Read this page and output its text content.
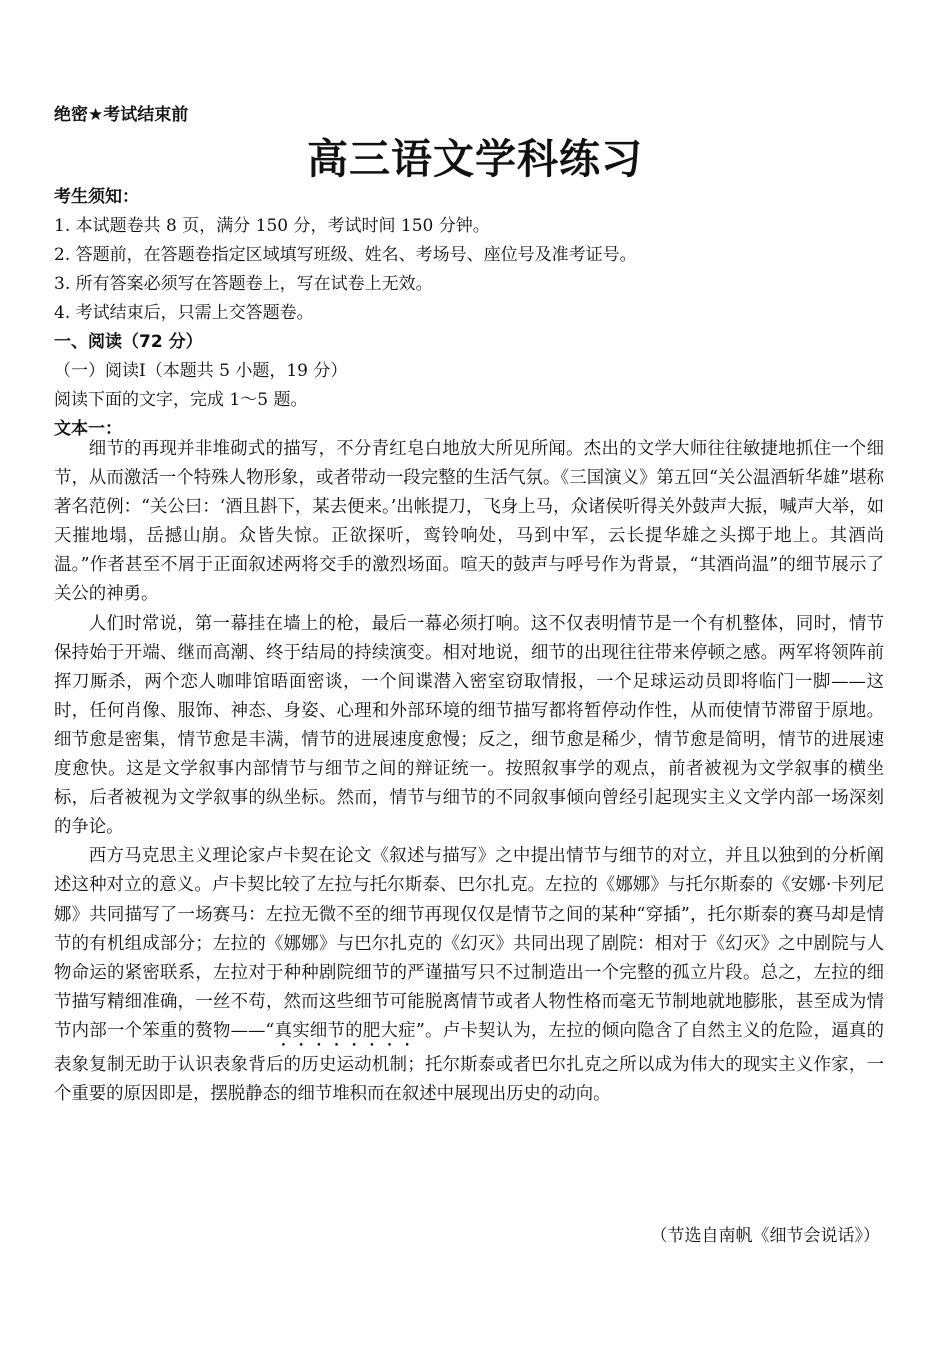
绝密★考试结束前
高三语文学科练习
考生须知：
1. 本试题卷共 8 页，满分 150 分，考试时间 150 分钟。
2. 答题前，在答题卷指定区域填写班级、姓名、考场号、座位号及准考证号。
3. 所有答案必须写在答题卷上，写在试卷上无效。
4. 考试结束后，只需上交答题卷。
一、阅读（72 分）
（一）阅读Ⅰ（本题共 5 小题，19 分）
阅读下面的文字，完成 1～5 题。
文本一：

细节的再现并非堆砌式的描写，不分青红皂白地放大所见所闻。杰出的文学大师往往敏捷地抓住一个细节，从而激活一个特殊人物形象，或者带动一段完整的生活气氛。《三国演义》第五回“关公温酒斩华雄”堪称著名范例：“关公曰：‘酒且斟下，某去便来。’出帐提刀，飞身上马，众诸侯听得关外鼓声大振，喊声大举，如天摧地塌，岳撼山崩。众皆失惊。正欲探听，鸾铃响处，马到中军，云长提华雄之头掷于地上。其酒尚温。”作者甚至不屑于正面叙述两将交手的激烈场面。喧天的鼓声与呼号作为背景，“其酒尚温”的细节展示了关公的神勇。

人们时常说，第一幕挂在墙上的枪，最后一幕必须打响。这不仅表明情节是一个有机整体，同时，情节保持始于开端、继而高潮、终于结局的持续演变。相对地说，细节的出现往往带来停顿之感。两军将领阵前挥刀厮杀，两个恋人咖啡馆晤面密谈，一个间谍潜入密室窃取情报，一个足球运动员即将临门一脚——这时，任何肖像、服饰、神态、身姿、心理和外部环境的细节描写都将暂停动作性，从而使情节滞留于原地。细节愈是密集，情节愈是丰满，情节的进展速度愈慢；反之，细节愈是稀少，情节愈是简明，情节的进展速度愈快。这是文学叙事内部情节与细节之间的辩证统一。按照叙事学的观点，前者被视为文学叙事的横坐标，后者被视为文学叙事的纵坐标。然而，情节与细节的不同叙事倾向曾经引起现实主义文学内部一场深刻的争论。

西方马克思主义理论家卢卡契在论文《叙述与描写》之中提出情节与细节的对立，并且以独到的分析阐述这种对立的意义。卢卡契比较了左拉与托尔斯泰、巴尔扎克。左拉的《娜娜》与托尔斯泰的《安娜·卡列尼娜》共同描写了一场赛马：左拉无微不至的细节再现仅仅是情节之间的某种“穿插”，托尔斯泰的赛马却是情节的有机组成部分；左拉的《娜娜》与巴尔扎克的《幻灭》共同出现了剧院：相对于《幻灭》之中剧院与人物命运的紧密联系，左拉对于种种剧院细节的严谨描写只不过制造出一个完整的孤立片段。总之，左拉的细节描写精细准确，一丝不苟，然而这些细节可能脱离情节或者人物性格而毫无节制地就地膨胀，甚至成为情节内部一个笨重的赘物——“真实细节的肥大症”。卢卡契认为，左拉的倾向隐含了自然主义的危险，逼真的表象复制无助于认识表象背后的历史运动机制；托尔斯泰或者巴尔扎克之所以成为伟大的现实主义作家，一个重要的原因即是，摆脱静态的细节堆积而在叙述中展现出历史的动向。

（节选自南帆《细节会说话》）
